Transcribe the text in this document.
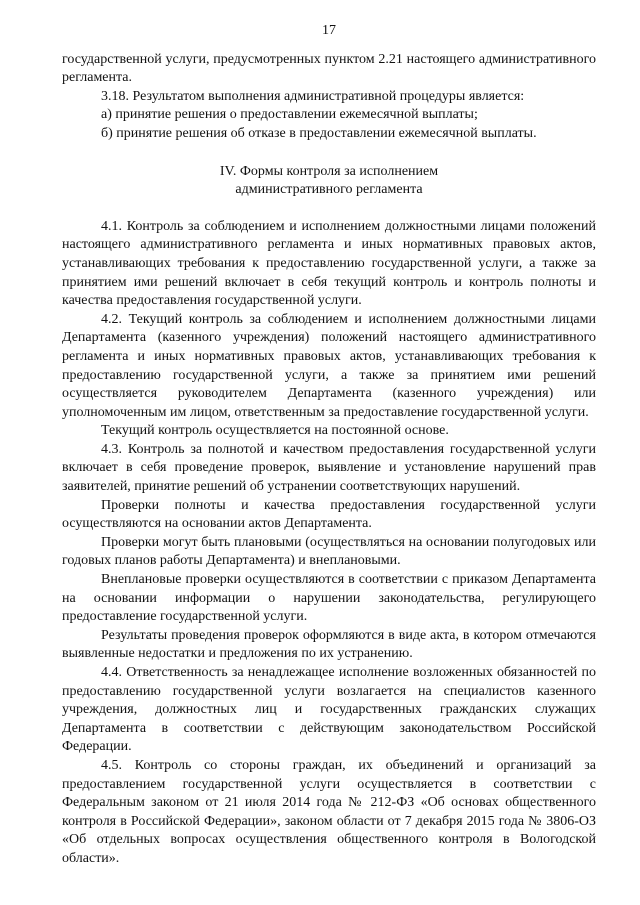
17

государственной услуги, предусмотренных пунктом 2.21 настоящего административного регламента.

3.18. Результатом выполнения административной процедуры является:

а) принятие решения о предоставлении ежемесячной выплаты;

б) принятие решения об отказе в предоставлении ежемесячной выплаты.

IV. Формы контроля за исполнением
административного регламента

4.1. Контроль за соблюдением и исполнением должностными лицами положений настоящего административного регламента и иных нормативных правовых актов, устанавливающих требования к предоставлению государственной услуги, а также за принятием ими решений включает в себя текущий контроль и контроль полноты и качества предоставления государственной услуги.

4.2. Текущий контроль за соблюдением и исполнением должностными лицами Департамента (казенного учреждения) положений настоящего административного регламента и иных нормативных правовых актов, устанавливающих требования к предоставлению государственной услуги, а также за принятием ими решений осуществляется руководителем Департамента (казенного учреждения) или уполномоченным им лицом, ответственным за предоставление государственной услуги.

Текущий контроль осуществляется на постоянной основе.

4.3. Контроль за полнотой и качеством предоставления государственной услуги включает в себя проведение проверок, выявление и установление нарушений прав заявителей, принятие решений об устранении соответствующих нарушений.

Проверки полноты и качества предоставления государственной услуги осуществляются на основании актов Департамента.

Проверки могут быть плановыми (осуществляться на основании полугодовых или годовых планов работы Департамента) и внеплановыми.

Внеплановые проверки осуществляются в соответствии с приказом Департамента на основании информации о нарушении законодательства, регулирующего предоставление государственной услуги.

Результаты проведения проверок оформляются в виде акта, в котором отмечаются выявленные недостатки и предложения по их устранению.

4.4. Ответственность за ненадлежащее исполнение возложенных обязанностей по предоставлению государственной услуги возлагается на специалистов казенного учреждения, должностных лиц и государственных гражданских служащих Департамента в соответствии с действующим законодательством Российской Федерации.

4.5. Контроль со стороны граждан, их объединений и организаций за предоставлением государственной услуги осуществляется в соответствии с Федеральным законом от 21 июля 2014 года № 212-ФЗ «Об основах общественного контроля в Российской Федерации», законом области от 7 декабря 2015 года № 3806-ОЗ «Об отдельных вопросах осуществления общественного контроля в Вологодской области».
